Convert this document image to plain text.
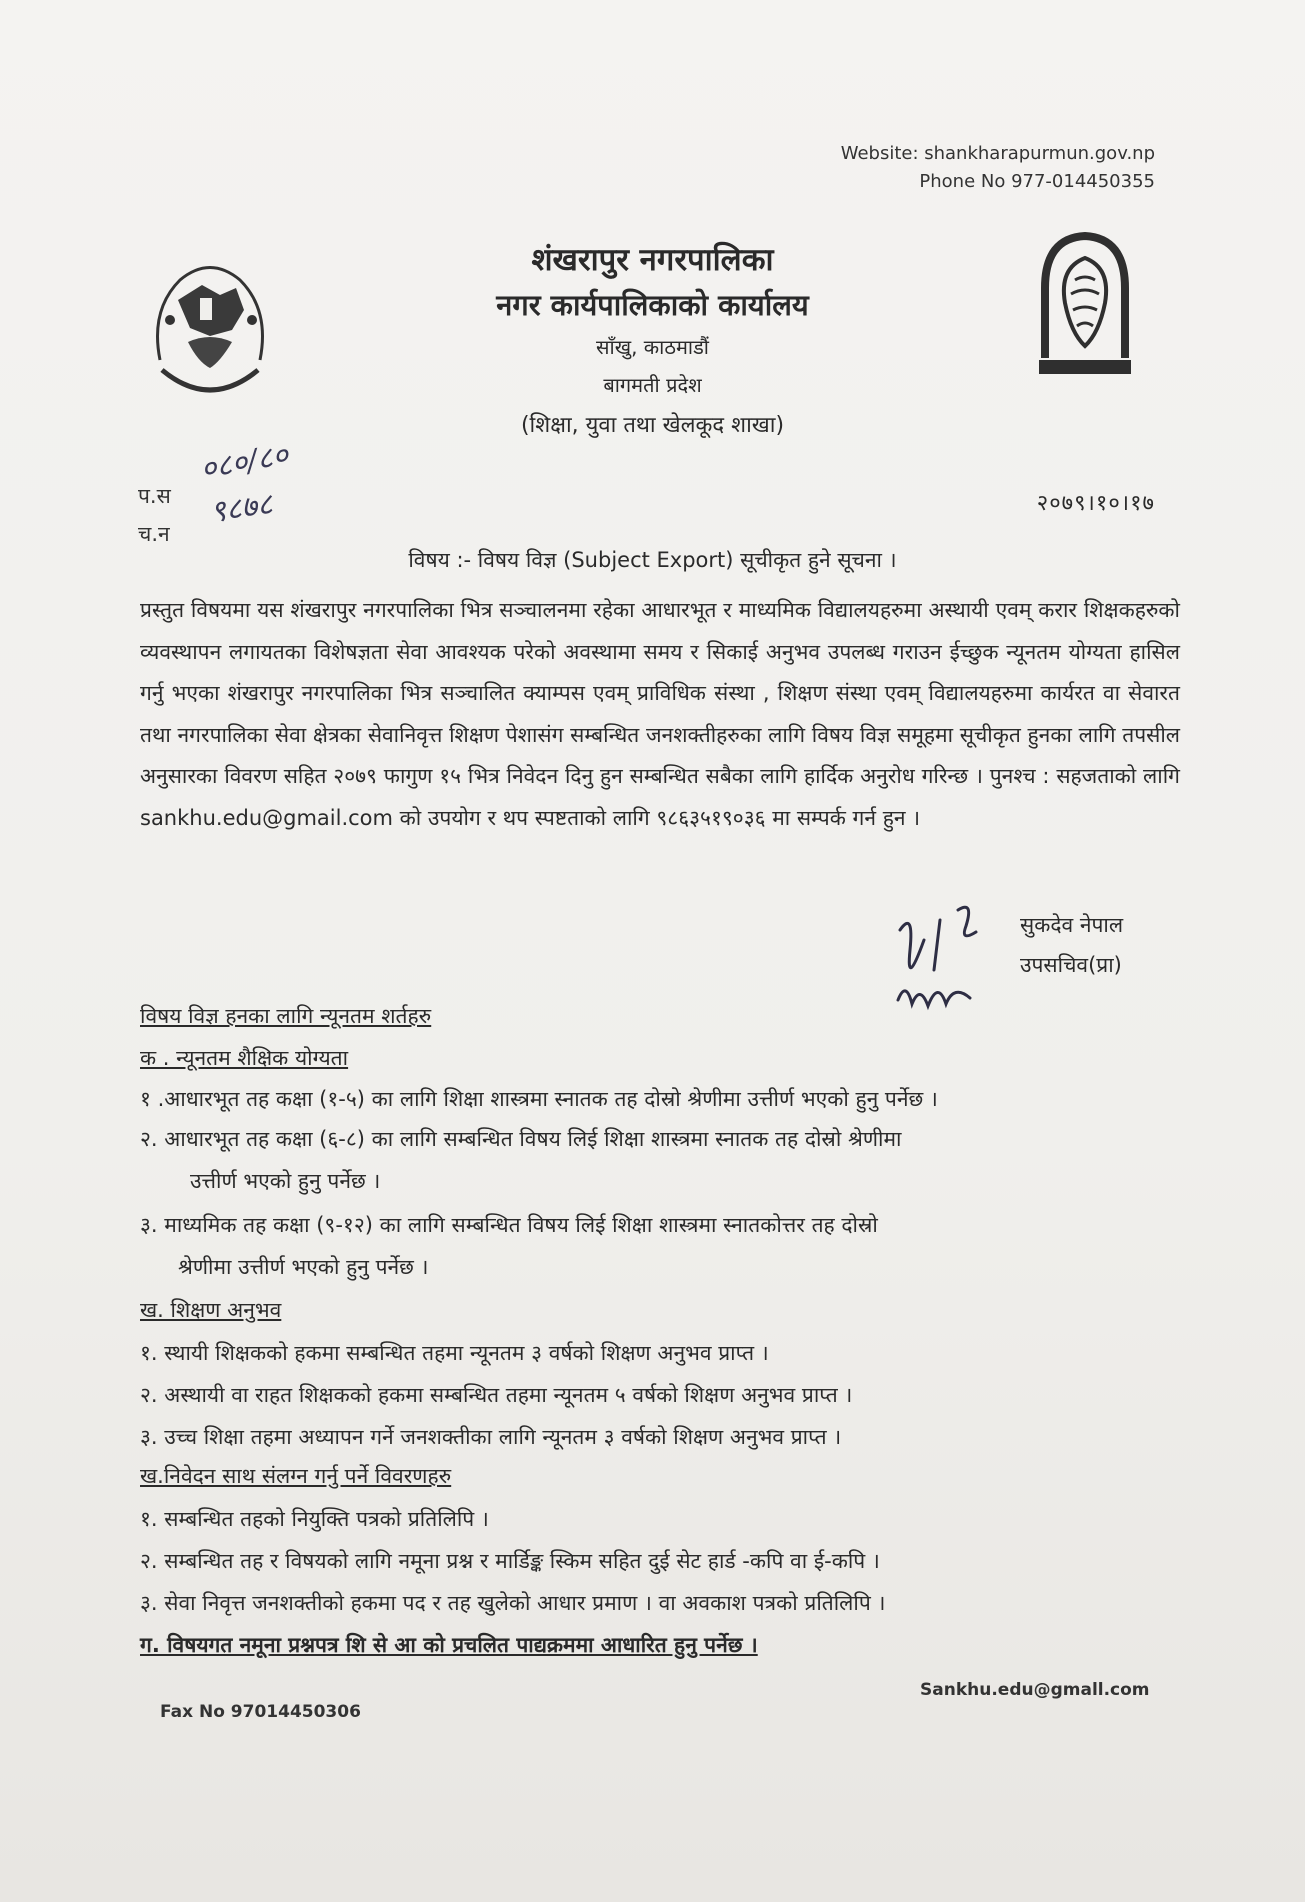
Website: shankharapurmun.gov.np
Phone No 977-014450355
शंखरापुर नगरपालिका
नगर कार्यपालिकाको कार्यालय
साँखु, काठमाडौं
बागमती प्रदेश
(शिक्षा, युवा तथा खेलकूद शाखा)
प.स
०८०/८०
च.न
९८७८	२०७९।१०।१७
विषय :- विषय विज्ञ (Subject Export) सूचीकृत हुने सूचना ।
प्रस्तुत विषयमा यस शंखरापुर नगरपालिका भित्र सञ्चालनमा रहेका आधारभूत र माध्यमिक विद्यालयहरुमा अस्थायी एवम् करार शिक्षकहरुको व्यवस्थापन लगायतका विशेषज्ञता सेवा आवश्यक परेको अवस्थामा समय र सिकाई अनुभव उपलब्ध गराउन ईच्छुक न्यूनतम योग्यता हासिल गर्नु भएका शंखरापुर नगरपालिका भित्र सञ्चालित क्याम्पस एवम् प्राविधिक संस्था , शिक्षण संस्था एवम् विद्यालयहरुमा कार्यरत वा सेवारत तथा नगरपालिका सेवा क्षेत्रका सेवानिवृत्त शिक्षण पेशासंग सम्बन्धित जनशक्तीहरुका लागि विषय विज्ञ समूहमा सूचीकृत हुनका लागि तपसील अनुसारका विवरण सहित २०७९ फागुण १५ भित्र निवेदन दिनु हुन सम्बन्धित सबैका लागि हार्दिक अनुरोध गरिन्छ । पुनश्च : सहजताको लागि sankhu.edu@gmail.com को उपयोग र थप स्पष्टताको लागि ९८६३५१९०३६ मा सम्पर्क गर्न हुन ।
सुकदेव नेपाल
उपसचिव(प्रा)
विषय विज्ञ हनका लागि न्यूनतम शर्तहरु
क . न्यूनतम शैक्षिक योग्यता
१ .आधारभूत तह कक्षा (१-५) का लागि शिक्षा शास्त्रमा स्नातक तह दोस्रो श्रेणीमा उत्तीर्ण भएको हुनु पर्नेछ ।
२. आधारभूत तह कक्षा (६-८) का लागि सम्बन्धित विषय लिई शिक्षा शास्त्रमा स्नातक तह दोस्रो श्रेणीमा
उत्तीर्ण भएको हुनु पर्नेछ ।
३. माध्यमिक तह कक्षा (९-१२) का लागि सम्बन्धित विषय लिई शिक्षा शास्त्रमा स्नातकोत्तर तह दोस्रो
श्रेणीमा उत्तीर्ण भएको हुनु पर्नेछ ।
ख. शिक्षण अनुभव
१. स्थायी शिक्षकको हकमा सम्बन्धित तहमा न्यूनतम ३ वर्षको शिक्षण अनुभव प्राप्त ।
२. अस्थायी वा राहत शिक्षकको हकमा सम्बन्धित तहमा न्यूनतम ५ वर्षको शिक्षण अनुभव प्राप्त ।
३. उच्च शिक्षा तहमा अध्यापन गर्ने जनशक्तीका लागि न्यूनतम ३ वर्षको शिक्षण अनुभव प्राप्त ।
ख.निवेदन साथ संलग्न गर्नु पर्ने विवरणहरु
१. सम्बन्धित तहको नियुक्ति पत्रको प्रतिलिपि ।
२. सम्बन्धित तह र विषयको लागि नमूना प्रश्न र मार्डिङ्क स्किम सहित दुई सेट हार्ड -कपि वा ई-कपि ।
३. सेवा निवृत्त जनशक्तीको हकमा पद र तह खुलेको आधार प्रमाण । वा अवकाश पत्रको प्रतिलिपि ।
ग. विषयगत नमूना प्रश्नपत्र शि से आ को प्रचलित पाद्यक्रममा आधारित हुनु पर्नेछ ।
Sankhu.edu@gmall.com
Fax No 97014450306
